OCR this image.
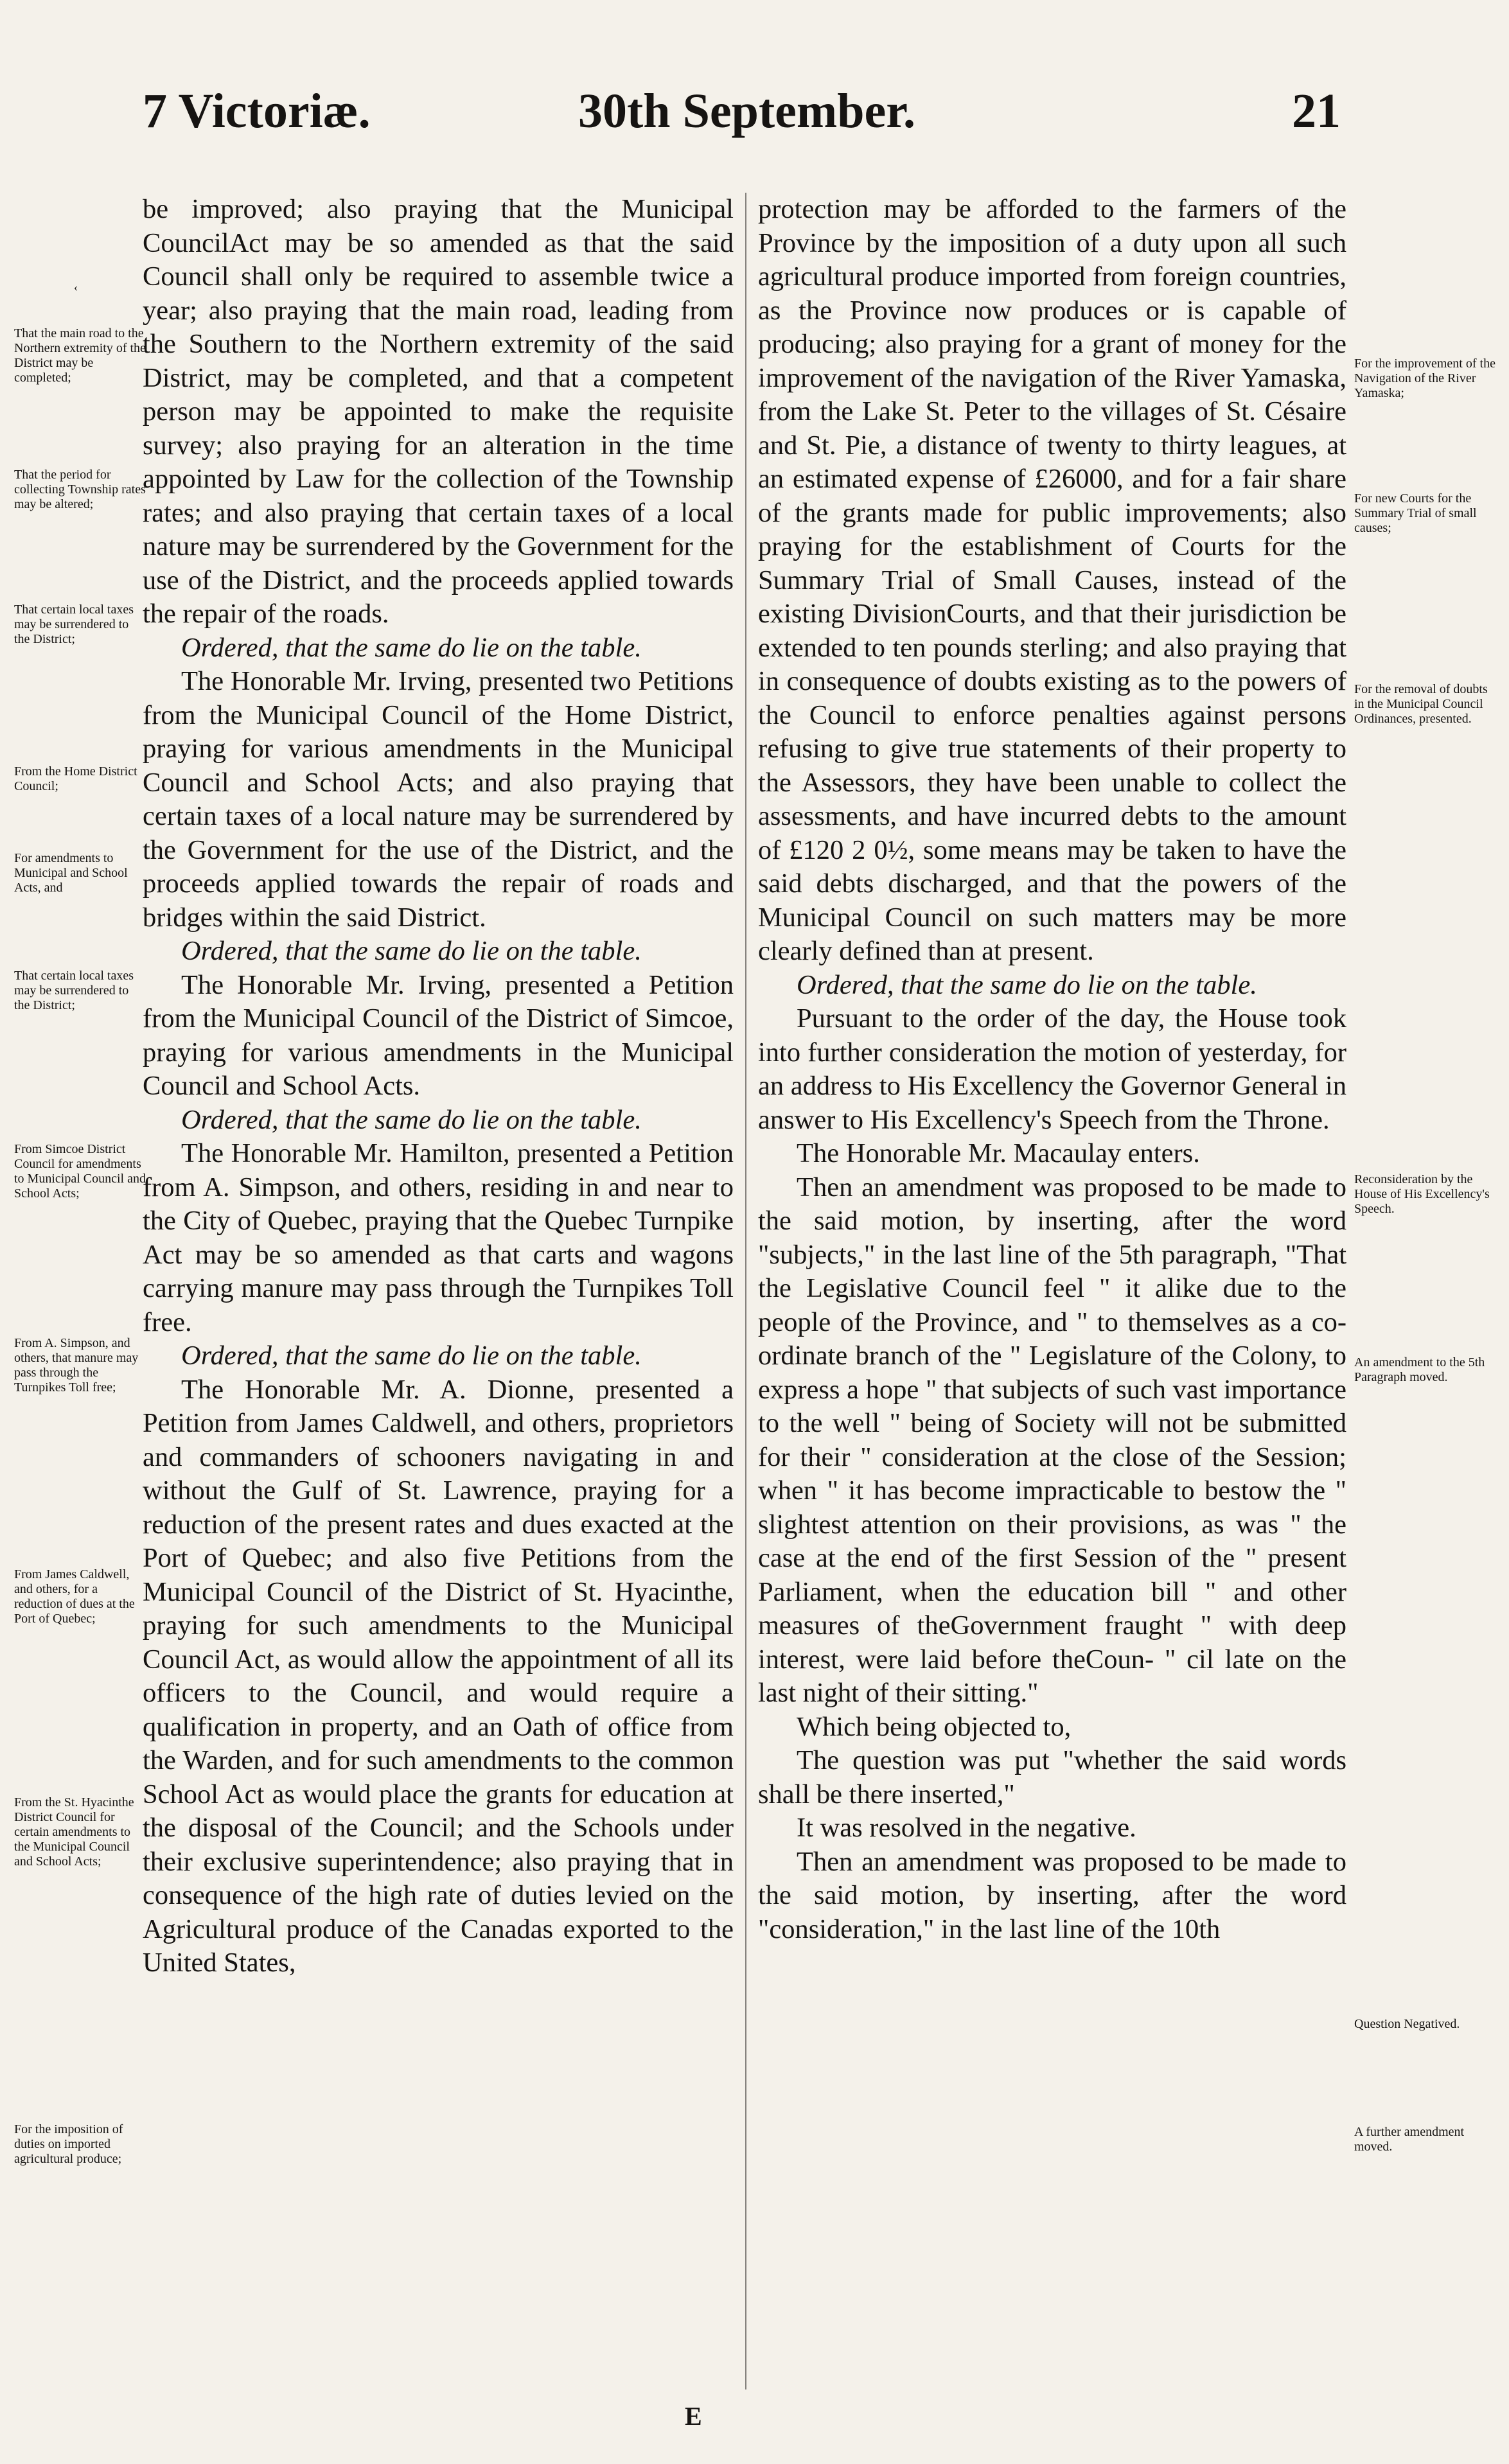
7 Victoriæ.	30th September.	21
‹

be improved; also praying that the Municipal CouncilAct may be so amended as that the said Council shall only be required to assemble twice a year; also praying that the main road, leading from the Southern to the Northern extremity of the said District, may be completed, and that a competent person may be appointed to make the requisite survey; also praying for an alteration in the time appointed by Law for the collection of the Township rates; and also praying that certain taxes of a local nature may be surrendered by the Government for the use of the District, and the proceeds applied towards the repair of the roads.

Ordered, that the same do lie on the table.

The Honorable Mr. Irving, presented two Petitions from the Municipal Council of the Home District, praying for various amendments in the Municipal Council and School Acts; and also praying that certain taxes of a local nature may be surrendered by the Government for the use of the District, and the proceeds applied towards the repair of roads and bridges within the said District.

Ordered, that the same do lie on the table.

The Honorable Mr. Irving, presented a Petition from the Municipal Council of the District of Simcoe, praying for various amendments in the Municipal Council and School Acts.

Ordered, that the same do lie on the table.

The Honorable Mr. Hamilton, presented a Petition from A. Simpson, and others, residing in and near to the City of Quebec, praying that the Quebec Turnpike Act may be so amended as that carts and wagons carrying manure may pass through the Turnpikes Toll free.

Ordered, that the same do lie on the table.

The Honorable Mr. A. Dionne, presented a Petition from James Caldwell, and others, proprietors and commanders of schooners navigating in and without the Gulf of St. Lawrence, praying for a reduction of the present rates and dues exacted at the Port of Quebec; and also five Petitions from the Municipal Council of the District of St. Hyacinthe, praying for such amendments to the Municipal Council Act, as would allow the appointment of all its officers to the Council, and would require a qualification in property, and an Oath of office from the Warden, and for such amendments to the common School Act as would place the grants for education at the disposal of the Council; and the Schools under their exclusive superintendence; also praying that in consequence of the high rate of duties levied on the Agricultural produce of the Canadas exported to the United States,

protection may be afforded to the farmers of the Province by the imposition of a duty upon all such agricultural produce imported from foreign countries, as the Province now produces or is capable of producing; also praying for a grant of money for the improvement of the navigation of the River Yamaska, from the Lake St. Peter to the villages of St. Césaire and St. Pie, a distance of twenty to thirty leagues, at an estimated expense of £26000, and for a fair share of the grants made for public improvements; also praying for the establishment of Courts for the Summary Trial of Small Causes, instead of the existing DivisionCourts, and that their jurisdiction be extended to ten pounds sterling; and also praying that in consequence of doubts existing as to the powers of the Council to enforce penalties against persons refusing to give true statements of their property to the Assessors, they have been unable to collect the assessments, and have incurred debts to the amount of £120 2 0½, some means may be taken to have the said debts discharged, and that the powers of the Municipal Council on such matters may be more clearly defined than at present.

Ordered, that the same do lie on the table.

Pursuant to the order of the day, the House took into further consideration the motion of yesterday, for an address to His Excellency the Governor General in answer to His Excellency's Speech from the Throne.

The Honorable Mr. Macaulay enters.

Then an amendment was proposed to be made to the said motion, by inserting, after the word "subjects," in the last line of the 5th paragraph, "That the Legislative Council feel " it alike due to the people of the Province, and " to themselves as a co-ordinate branch of the " Legislature of the Colony, to express a hope " that subjects of such vast importance to the well " being of Society will not be submitted for their " consideration at the close of the Session; when " it has become impracticable to bestow the " slightest attention on their provisions, as was " the case at the end of the first Session of the " present Parliament, when the education bill " and other measures of theGovernment fraught " with deep interest, were laid before theCoun- " cil late on the last night of their sitting."

Which being objected to,

The question was put "whether the said words shall be there inserted,"

It was resolved in the negative.

Then an amendment was proposed to be made to the said motion, by inserting, after the word "consideration," in the last line of the 10th

That the main road to the Northern extremity of the District may be completed;
That the period for collecting Township rates may be altered;
That certain local taxes may be surrendered to the District;
From the Home District Council;
For amendments to Municipal and School Acts, and
That certain local taxes may be surrendered to the District;
From Simcoe District Council for amendments to Municipal Council and School Acts;
From A. Simpson, and others, that manure may pass through the Turnpikes Toll free;
From James Caldwell, and others, for a reduction of dues at the Port of Quebec;
From the St. Hyacinthe District Council for certain amendments to the Municipal Council and School Acts;
For the imposition of duties on imported agricultural produce;
For the improvement of the Navigation of the River Yamaska;
For new Courts for the Summary Trial of small causes;
For the removal of doubts in the Municipal Council Ordinances, presented.
Reconsideration by the House of His Excellency's Speech.
An amendment to the 5th Paragraph moved.
Question Negatived.
A further amendment moved.
E
